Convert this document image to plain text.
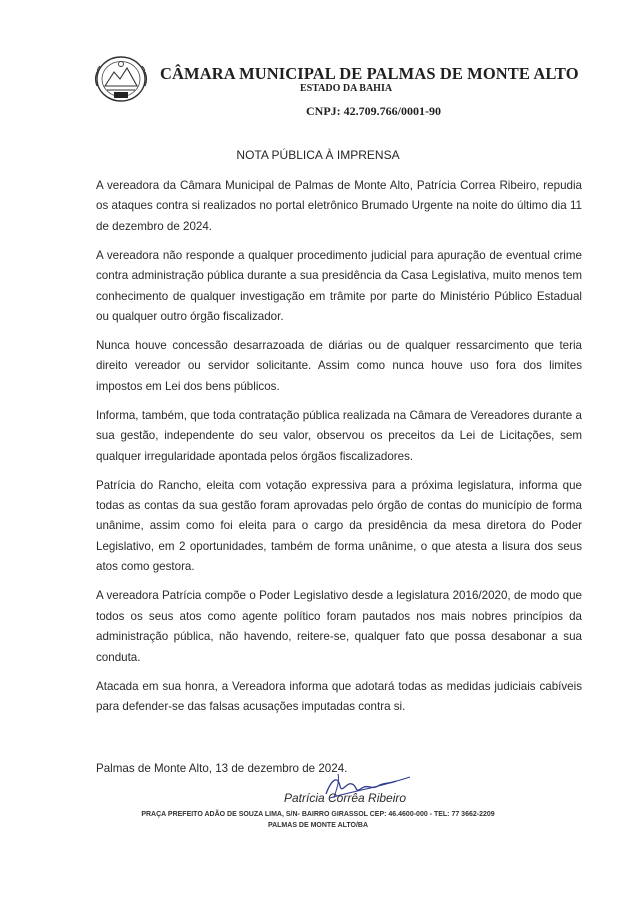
CÂMARA MUNICIPAL DE PALMAS DE MONTE ALTO
ESTADO DA BAHIA
CNPJ: 42.709.766/0001-90
NOTA PÚBLICA À IMPRENSA

A vereadora da Câmara Municipal de Palmas de Monte Alto, Patrícia Correa Ribeiro, repudia os ataques contra si realizados no portal eletrônico Brumado Urgente na noite do último dia 11 de dezembro de 2024.

A vereadora não responde a qualquer procedimento judicial para apuração de eventual crime contra administração pública durante a sua presidência da Casa Legislativa, muito menos tem conhecimento de qualquer investigação em trâmite por parte do Ministério Público Estadual ou qualquer outro órgão fiscalizador.

Nunca houve concessão desarrazoada de diárias ou de qualquer ressarcimento que teria direito vereador ou servidor solicitante. Assim como nunca houve uso fora dos limites impostos em Lei dos bens públicos.

Informa, também, que toda contratação pública realizada na Câmara de Vereadores durante a sua gestão, independente do seu valor, observou os preceitos da Lei de Licitações, sem qualquer irregularidade apontada pelos órgãos fiscalizadores.

Patrícia do Rancho, eleita com votação expressiva para a próxima legislatura, informa que todas as contas da sua gestão foram aprovadas pelo órgão de contas do município de forma unânime, assim como foi eleita para o cargo da presidência da mesa diretora do Poder Legislativo, em 2 oportunidades, também de forma unânime, o que atesta a lisura dos seus atos como gestora.

A vereadora Patrícia compõe o Poder Legislativo desde a legislatura 2016/2020, de modo que todos os seus atos como agente político foram pautados nos mais nobres princípios da administração pública, não havendo, reitere-se, qualquer fato que possa desabonar a sua conduta.

Atacada em sua honra, a Vereadora informa que adotará todas as medidas judiciais cabíveis para defender-se das falsas acusações imputadas contra si.

Palmas de Monte Alto, 13 de dezembro de 2024.
Patrícia Corrêa Ribeiro
PRAÇA PREFEITO ADÃO DE SOUZA LIMA, S/N- BAIRRO GIRASSOL CEP: 46.4600-000 - TEL: 77 3662-2209
PALMAS DE MONTE ALTO/BA
